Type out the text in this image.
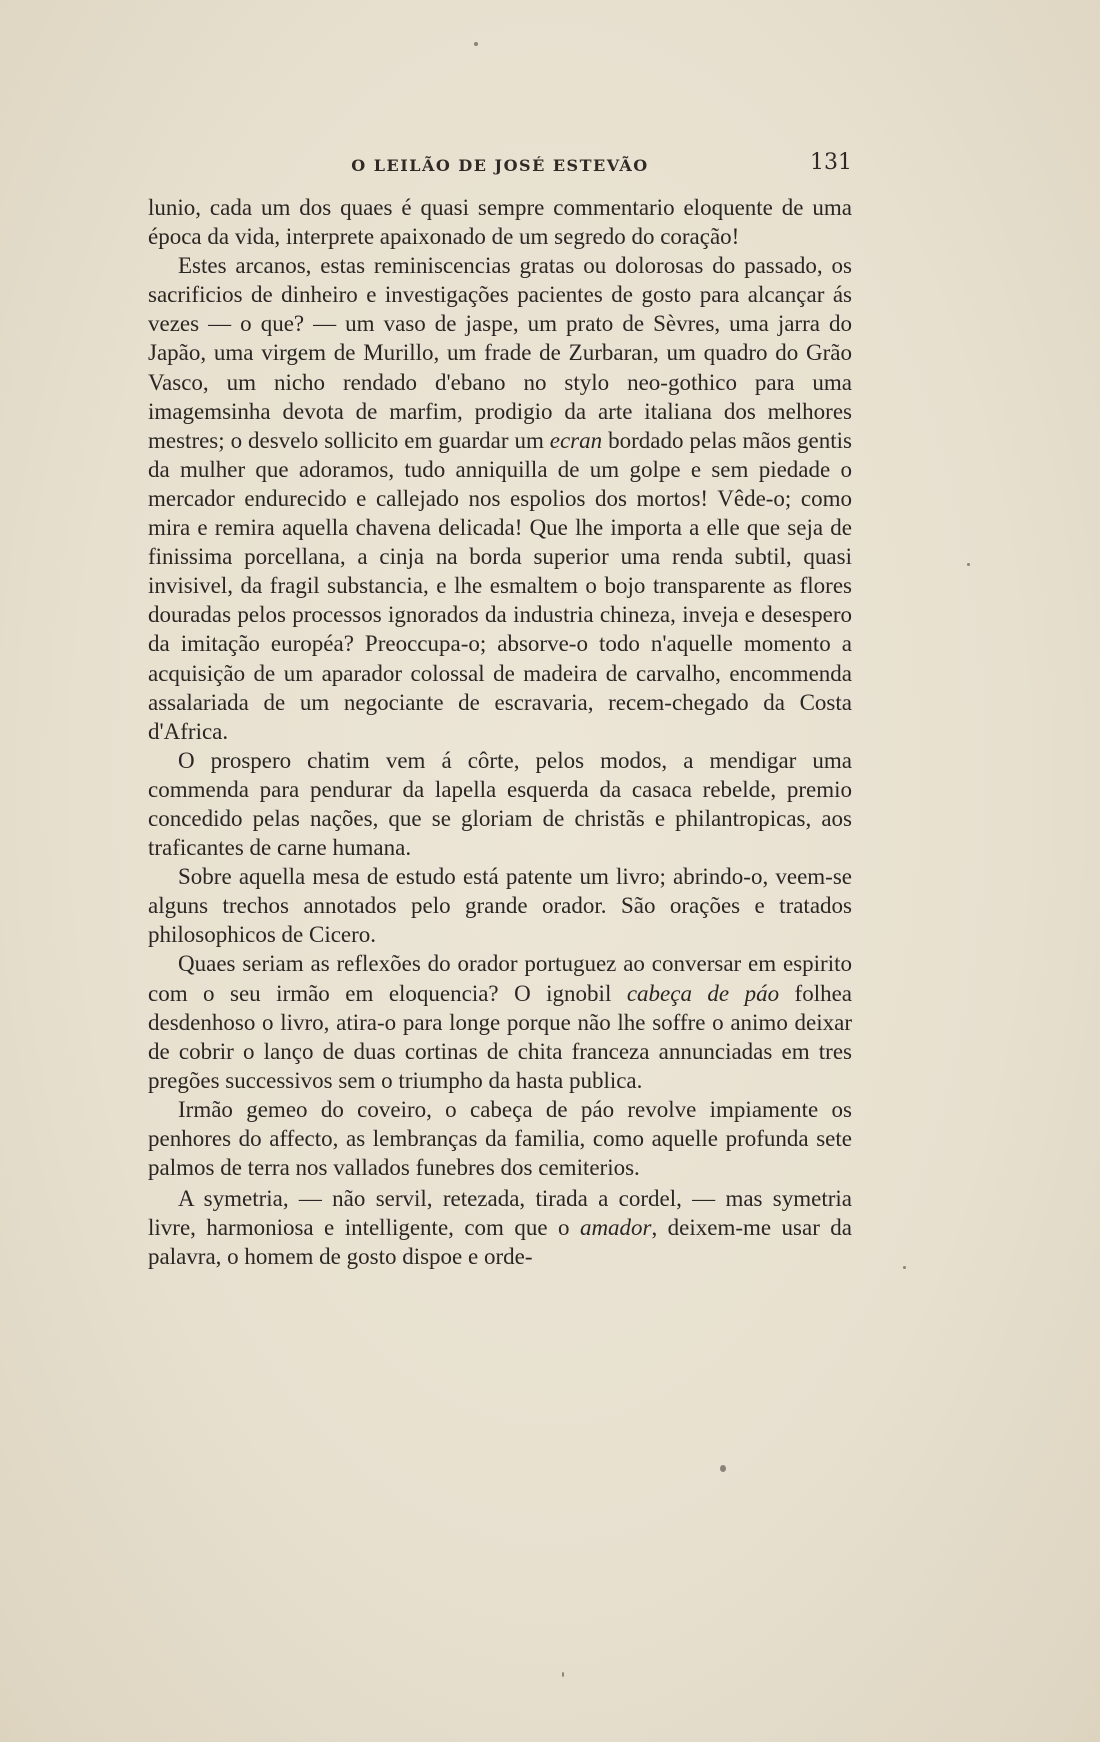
O LEILÃO DE JOSÉ ESTEVÃO	131

lunio, cada um dos quaes é quasi sempre commentario eloquente de uma época da vida, interprete apaixonado de um segredo do coração!

Estes arcanos, estas reminiscencias gratas ou dolorosas do passado, os sacrificios de dinheiro e investigações pacientes de gosto para alcançar ás vezes — o que? — um vaso de jaspe, um prato de Sèvres, uma jarra do Japão, uma virgem de Murillo, um frade de Zurbaran, um quadro do Grão Vasco, um nicho rendado d'ebano no stylo neo-gothico para uma imagemsinha devota de marfim, prodigio da arte italiana dos melhores mestres; o desvelo sollicito em guardar um ecran bordado pelas mãos gentis da mulher que adoramos, tudo anniquilla de um golpe e sem piedade o mercador endurecido e callejado nos espolios dos mortos! Vêde-o; como mira e remira aquella chavena delicada! Que lhe importa a elle que seja de finissima porcellana, a cinja na borda superior uma renda subtil, quasi invisivel, da fragil substancia, e lhe esmaltem o bojo transparente as flores douradas pelos processos ignorados da industria chineza, inveja e desespero da imitação européa? Preoccupa-o; absorve-o todo n'aquelle momento a acquisição de um aparador colossal de madeira de carvalho, encommenda assalariada de um negociante de escravaria, recem-chegado da Costa d'Africa.

O prospero chatim vem á côrte, pelos modos, a mendigar uma commenda para pendurar da lapella esquerda da casaca rebelde, premio concedido pelas nações, que se gloriam de christãs e philantropicas, aos traficantes de carne humana.

Sobre aquella mesa de estudo está patente um livro; abrindo-o, veem-se alguns trechos annotados pelo grande orador. São orações e tratados philosophicos de Cicero.

Quaes seriam as reflexões do orador portuguez ao conversar em espirito com o seu irmão em eloquencia? O ignobil cabeça de páo folhea desdenhoso o livro, atira-o para longe porque não lhe soffre o animo deixar de cobrir o lanço de duas cortinas de chita franceza annunciadas em tres pregões successivos sem o triumpho da hasta publica.

Irmão gemeo do coveiro, o cabeça de páo revolve impiamente os penhores do affecto, as lembranças da familia, como aquelle profunda sete palmos de terra nos vallados funebres dos cemiterios.

A symetria, — não servil, retezada, tirada a cordel, — mas symetria livre, harmoniosa e intelligente, com que o amador, deixem-me usar da palavra, o homem de gosto dispoe e orde-
